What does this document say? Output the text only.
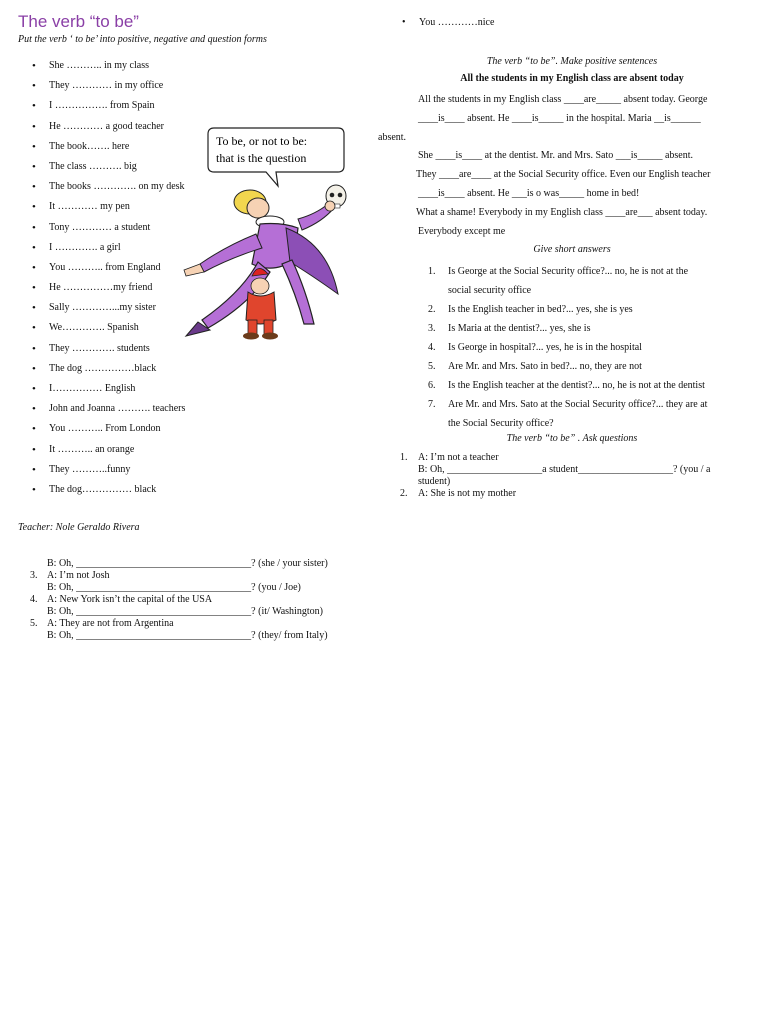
The verb “to be”
Put the verb ‘ to be’ into positive, negative and question forms
• She ……….. in my class
• They ………… in my office
• I ……………. from Spain
• He ………… a good teacher
• The book……. here
• The class ………. big
• The books …………. on my desk
• It ………… my pen
• Tony ………… a student
• I …………. a girl
• You ……….. from England
• He ……………my friend
• Sally …………...my sister
• We…………. Spanish
• They …………. students
• The dog ……………black
• I…………… English
• John and Joanna ………. teachers
• You ……….. From London
• It ……….. an orange
• They ………..funny
• The dog…………… black
To be, or not to be:
that is the question
Teacher: Nole Geraldo Rivera
B: Oh, ___________________________________? (she / your sister)
3. A: I’m not Josh
B: Oh, ___________________________________? (you / Joe)
4. A: New York isn’t the capital of the USA
B: Oh, ___________________________________? (it/ Washington)
5. A: They are not from Argentina
B: Oh, ___________________________________? (they/ from Italy)
• You …………nice
The verb “to be”. Make positive sentences
All the students in my English class are absent today
All the students in my English class ____are_____ absent today. George
____is____ absent. He ____is_____ in the hospital. Maria __is______
absent.
She ____is____ at the dentist. Mr. and Mrs. Sato ___is_____ absent.
They ____are____ at the Social Security office. Even our English teacher
____is____ absent. He ___is o was_____ home in bed!
What a shame! Everybody in my English class ____are___ absent today.
Everybody except me
Give short answers
1.	Is George at the Social Security office?... no, he is not at the
social security office
2.	Is the English teacher in bed?... yes, she is yes
3.	Is Maria at the dentist?... yes, she is
4.	Is George in hospital?... yes, he is in the hospital
5.	Are Mr. and Mrs. Sato in bed?... no, they are not
6.	Is the English teacher at the dentist?... no, he is not at the dentist
7.	Are Mr. and Mrs. Sato at the Social Security office?... they are at
the Social Security office?
The verb “to be” . Ask questions
1.	A: I’m not a teacher
B: Oh, ___________________a student___________________? (you / a
student)
2.	A: She is not my mother
